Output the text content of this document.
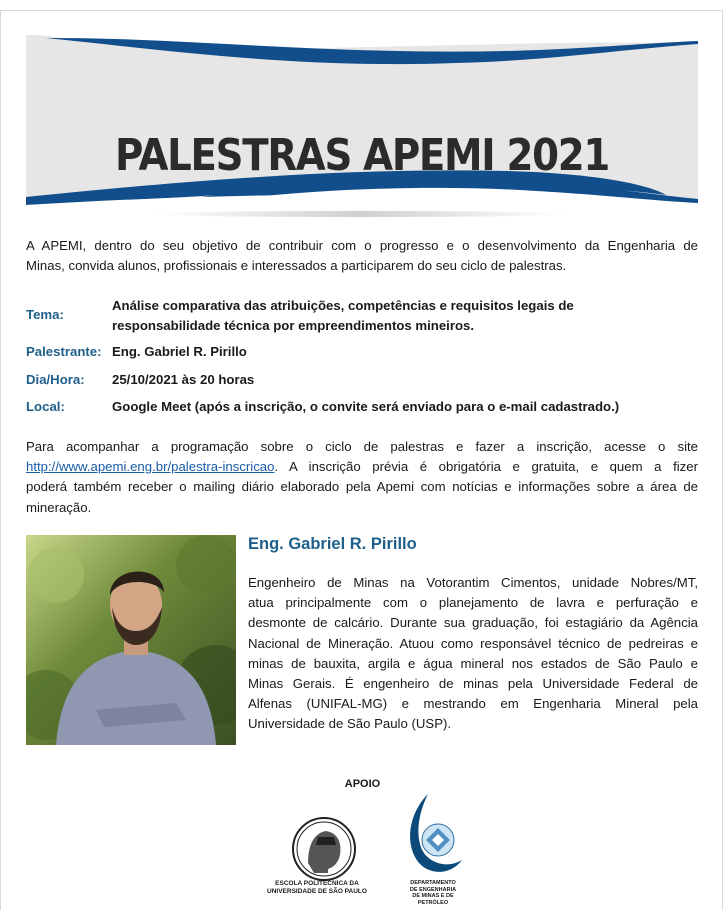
PALESTRAS APEMI 2021

A APEMI, dentro do seu objetivo de contribuir com o progresso e o desenvolvimento da Engenharia de
Minas, convida alunos, profissionais e interessados a participarem do seu ciclo de palestras.

Tema:
Análise comparativa das atribuições, competências e requisitos legais de responsabilidade técnica por empreendimentos mineiros.
Palestrante: Eng. Gabriel R. Pirillo
Dia/Hora: 25/10/2021 às 20 horas
Local:	Google Meet (após a inscrição, o convite será enviado para o e-mail cadastrado.)

Para acompanhar a programação sobre o ciclo de palestras e fazer a inscrição, acesse o site
http://www.apemi.eng.br/palestra-inscricao. A inscrição prévia é obrigatória e gratuita, e quem a fizer
poderá também receber o mailing diário elaborado pela Apemi com notícias e informações sobre a área de
mineração.

Eng. Gabriel R. Pirillo

Engenheiro de Minas na Votorantim Cimentos, unidade Nobres/MT,
atua principalmente com o planejamento de lavra e perfuração e
desmonte de calcário. Durante sua graduação, foi estagiário da Agência
Nacional de Mineração. Atuou como responsável técnico de pedreiras e
minas de bauxita, argila e água mineral nos estados de São Paulo e
Minas Gerais. É engenheiro de minas pela Universidade Federal de
Alfenas (UNIFAL-MG) e mestrando em Engenharia Mineral pela
Universidade de São Paulo (USP).

APOIO
ESCOLA POLITÉCNICA DA
UNIVERSIDADE DE SÃO PAULO
DEPARTAMENTO
DE ENGENHARIA
DE MINAS E DE PETRÓLEO
